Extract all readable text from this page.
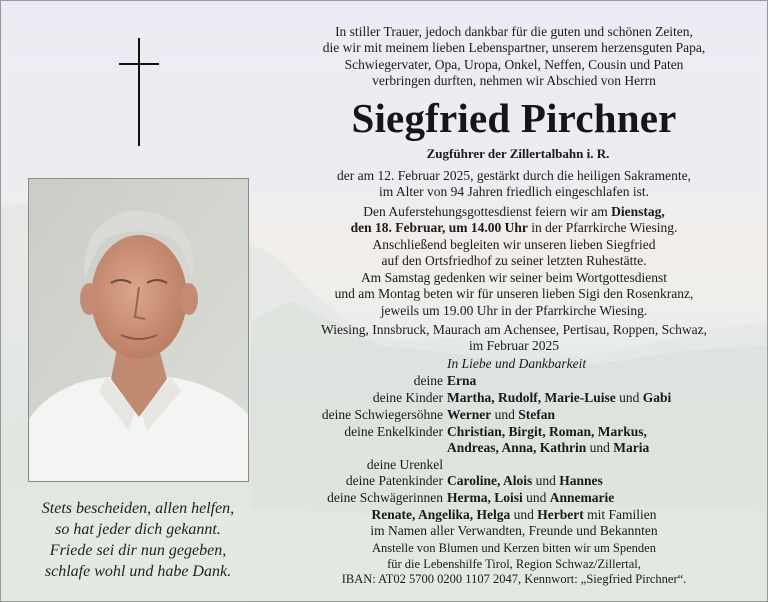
Stets bescheiden, allen helfen,
so hat jeder dich gekannt.
Friede sei dir nun gegeben,
schlafe wohl und habe Dank.
In stiller Trauer, jedoch dankbar für die guten und schönen Zeiten,
die wir mit meinem lieben Lebenspartner, unserem herzensguten Papa,
Schwiegervater, Opa, Uropa, Onkel, Neffen, Cousin und Paten
verbringen durften, nehmen wir Abschied von Herrn
Siegfried Pirchner
Zugführer der Zillertalbahn i. R.
der am 12. Februar 2025, gestärkt durch die heiligen Sakramente,
im Alter von 94 Jahren friedlich eingeschlafen ist.
Den Auferstehungsgottesdienst feiern wir am Dienstag,
den 18. Februar, um 14.00 Uhr in der Pfarrkirche Wiesing.
Anschließend begleiten wir unseren lieben Siegfried
auf den Ortsfriedhof zu seiner letzten Ruhestätte.
Am Samstag gedenken wir seiner beim Wortgottesdienst
und am Montag beten wir für unseren lieben Sigi den Rosenkranz,
jeweils um 19.00 Uhr in der Pfarrkirche Wiesing.
Wiesing, Innsbruck, Maurach am Achensee, Pertisau, Roppen, Schwaz,
im Februar 2025
In Liebe und Dankbarkeit
deine Erna
deine Kinder Martha, Rudolf, Marie-Luise und Gabi
deine Schwiegersöhne Werner und Stefan
deine Enkelkinder Christian, Birgit, Roman, Markus,
Andreas, Anna, Kathrin und Maria
deine Urenkel
deine Patenkinder Caroline, Alois und Hannes
deine Schwägerinnen Herma, Loisi und Annemarie
Renate, Angelika, Helga und Herbert mit Familien
im Namen aller Verwandten, Freunde und Bekannten
Anstelle von Blumen und Kerzen bitten wir um Spenden
für die Lebenshilfe Tirol, Region Schwaz/Zillertal,
IBAN: AT02 5700 0200 1107 2047, Kennwort: „Siegfried Pirchner“.
